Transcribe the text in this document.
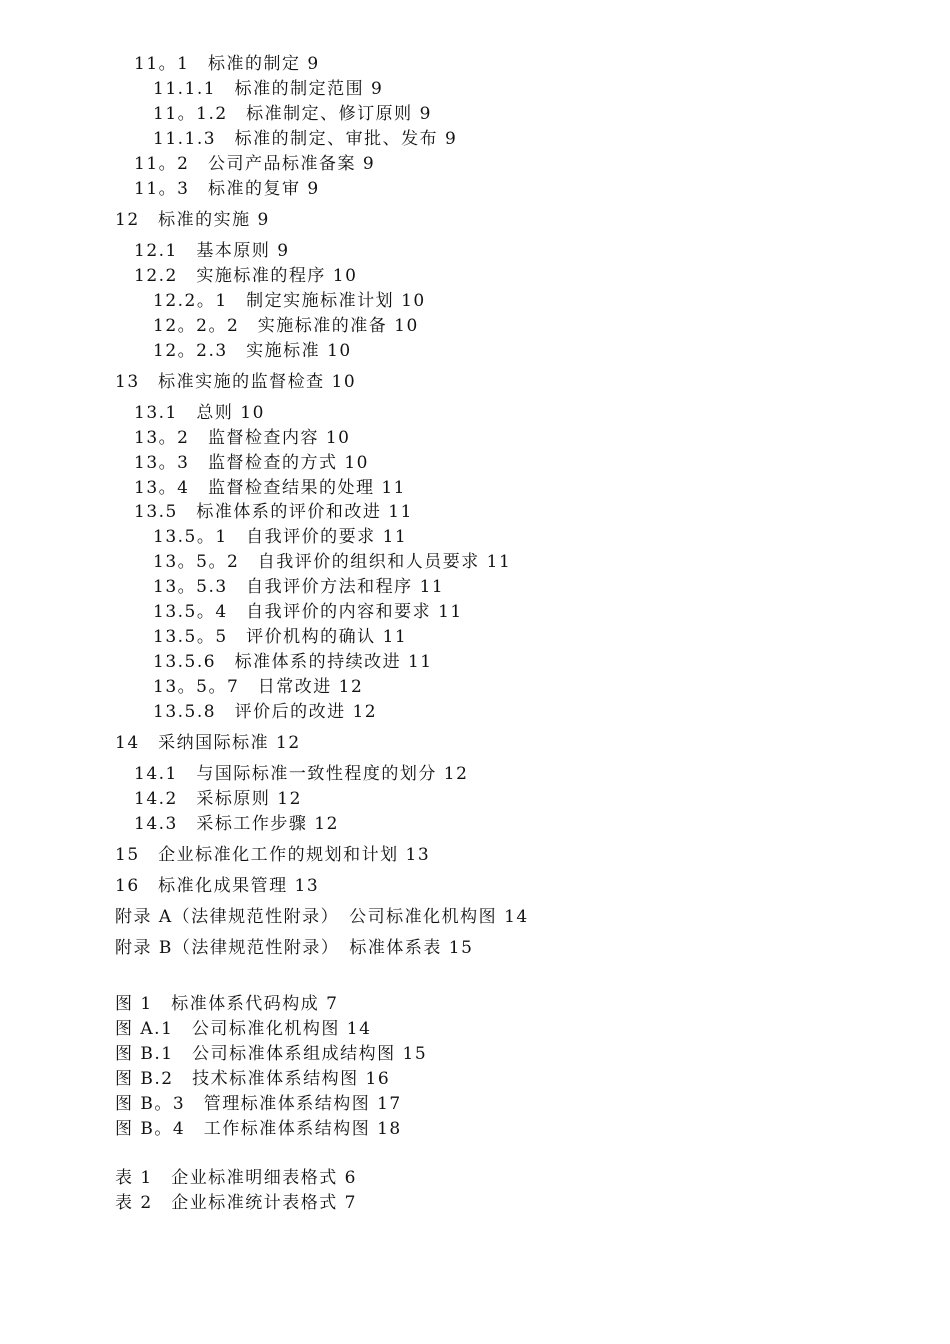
11。1　标准的制定 9
11.1.1　标准的制定范围 9
11。1.2　标准制定、修订原则 9
11.1.3　标准的制定、审批、发布 9
11。2　公司产品标准备案 9
11。3　标准的复审 9
12　标准的实施 9
12.1　基本原则 9
12.2　实施标准的程序 10
12.2。1　制定实施标准计划 10
12。2。2　实施标准的准备 10
12。2.3　实施标准 10
13　标准实施的监督检查 10
13.1　总则 10
13。2　监督检查内容 10
13。3　监督检查的方式 10
13。4　监督检查结果的处理 11
13.5　标准体系的评价和改进 11
13.5。1　自我评价的要求 11
13。5。2　自我评价的组织和人员要求 11
13。5.3　自我评价方法和程序 11
13.5。4　自我评价的内容和要求 11
13.5。5　评价机构的确认 11
13.5.6　标准体系的持续改进 11
13。5。7　日常改进 12
13.5.8　评价后的改进 12
14　采纳国际标准 12
14.1　与国际标准一致性程度的划分 12
14.2　采标原则 12
14.3　采标工作步骤 12
15　企业标准化工作的规划和计划 13
16　标准化成果管理 13
附录 A（法律规范性附录）　公司标准化机构图 14
附录 B（法律规范性附录）　标准体系表 15
图 1　标准体系代码构成 7
图 A.1　公司标准化机构图 14
图 B.1　公司标准体系组成结构图 15
图 B.2　技术标准体系结构图 16
图 B。3　管理标准体系结构图 17
图 B。4　工作标准体系结构图 18
表 1　企业标准明细表格式 6
表 2　企业标准统计表格式 7
